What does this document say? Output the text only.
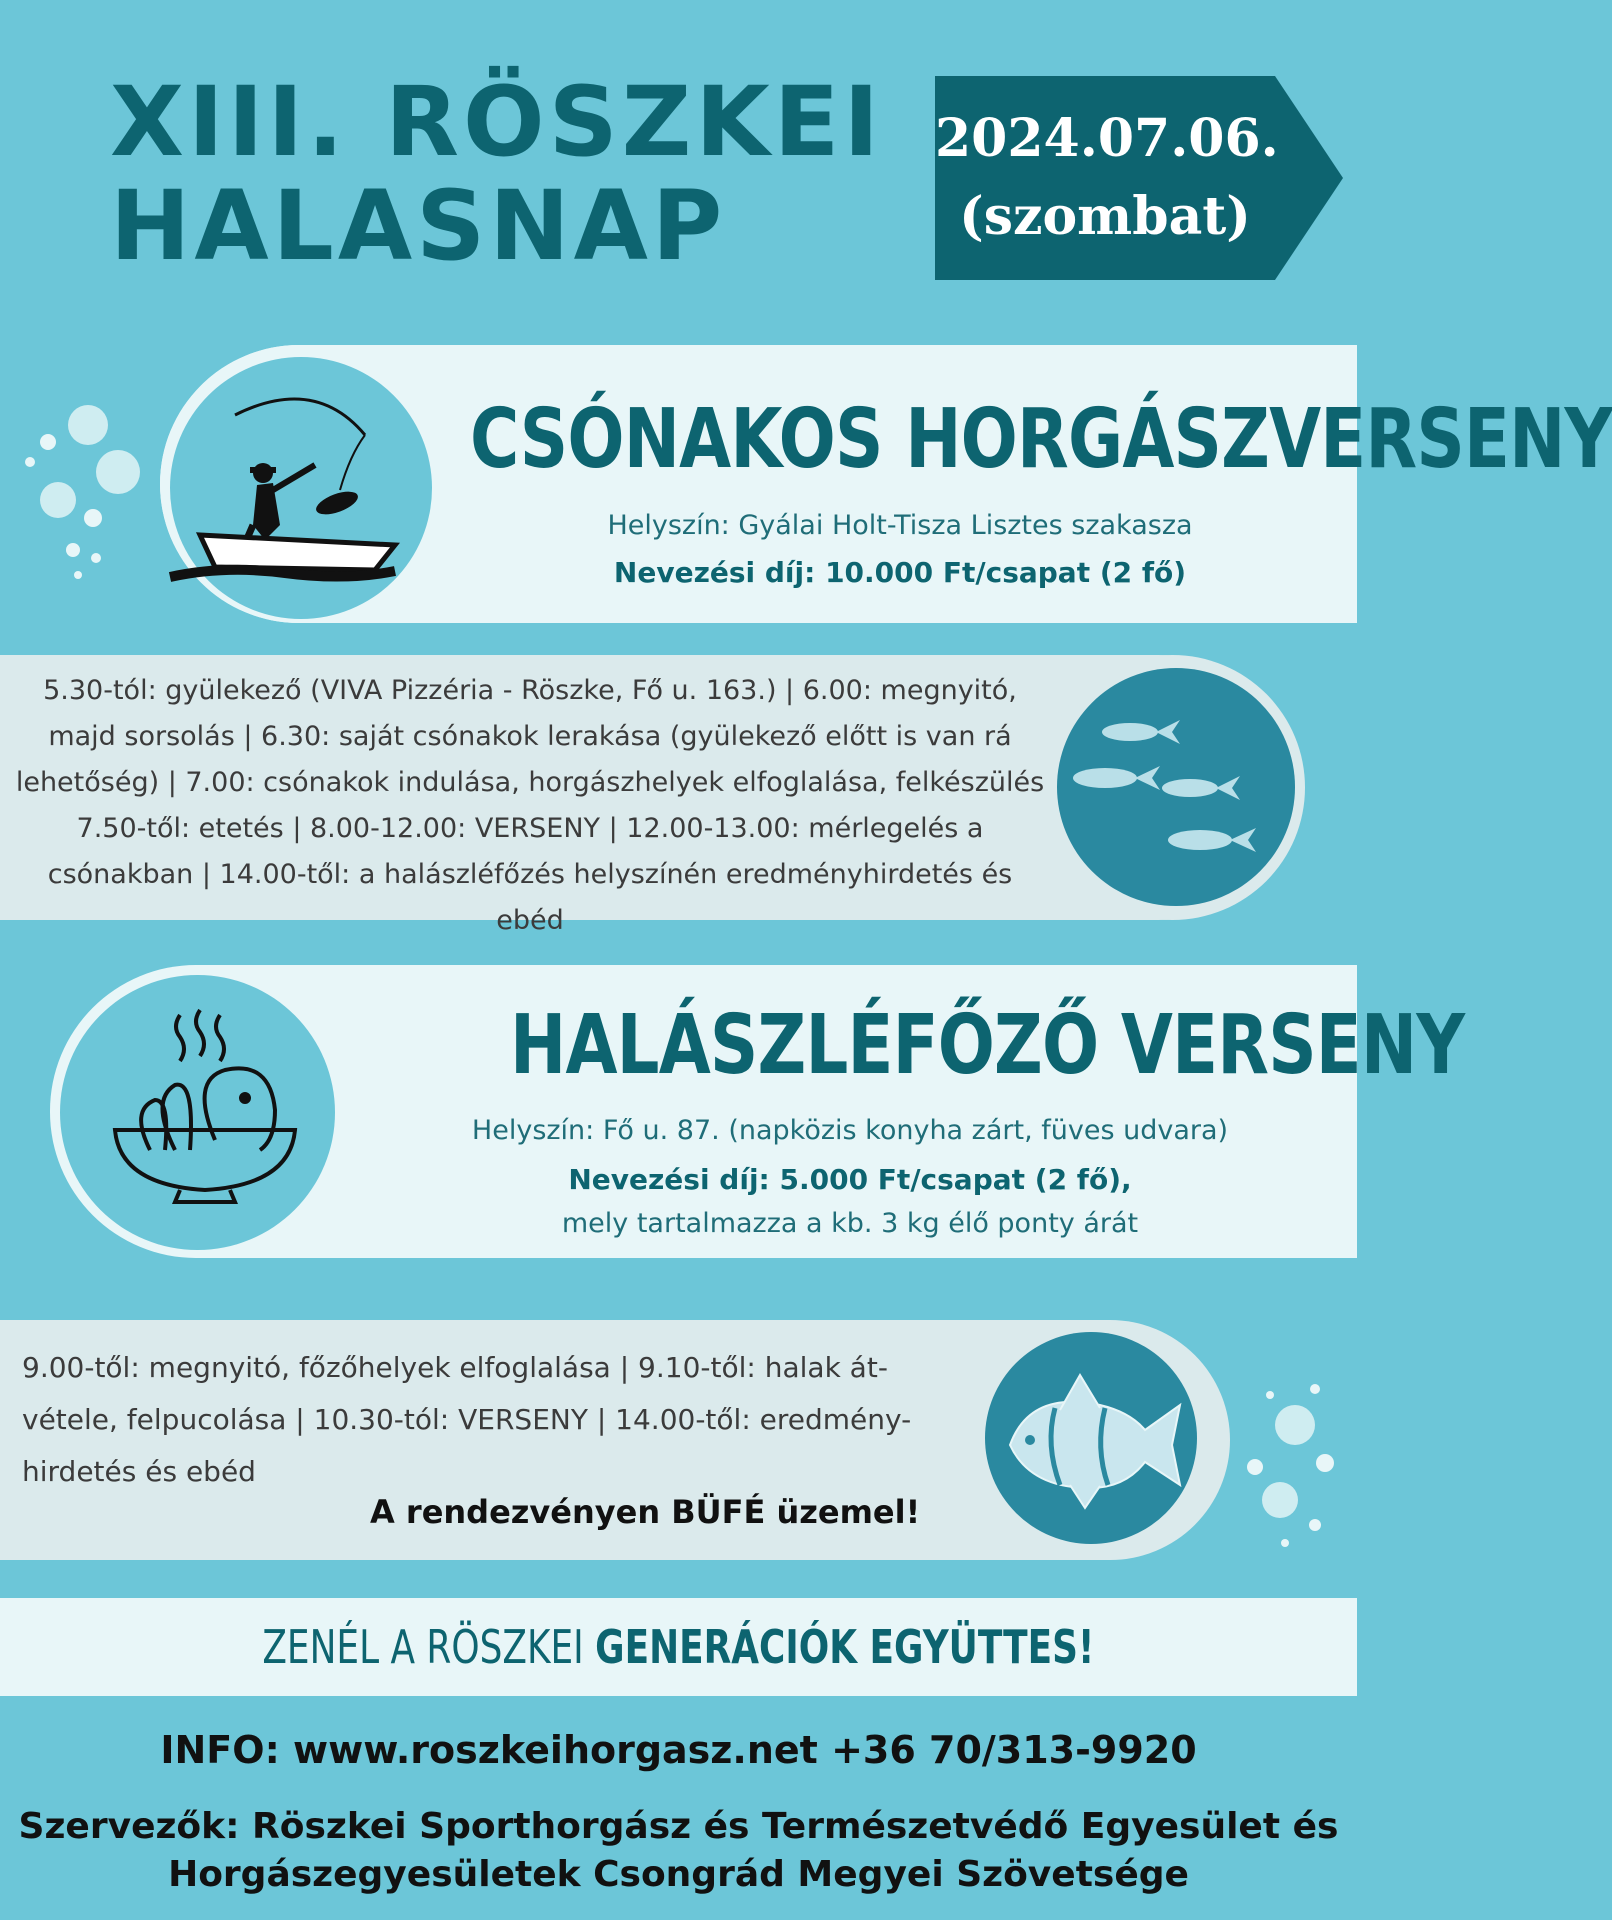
XIII. RÖSZKEI
HALASNAP
2024.07.06.
(szombat)
CSÓNAKOS HORGÁSZVERSENY
Helyszín: Gyálai Holt-Tisza Lisztes szakasza
Nevezési díj: 10.000 Ft/csapat (2 fő)
5.30-tól: gyülekező (VIVA Pizzéria - Röszke, Fő u. 163.) | 6.00: megnyitó,
majd sorsolás | 6.30: saját csónakok lerakása (gyülekező előtt is van rá
lehetőség) | 7.00: csónakok indulása, horgászhelyek elfoglalása, felkészülés
7.50-től: etetés | 8.00-12.00: VERSENY | 12.00-13.00: mérlegelés a
csónakban | 14.00-től: a halászléfőzés helyszínén eredményhirdetés és ebéd
HALÁSZLÉFŐZŐ VERSENY
Helyszín: Fő u. 87. (napközis konyha zárt, füves udvara)
Nevezési díj: 5.000 Ft/csapat (2 fő),
mely tartalmazza a kb. 3 kg élő ponty árát
9.00-től: megnyitó, főzőhelyek elfoglalása | 9.10-től: halak át-
vétele, felpucolása | 10.30-tól: VERSENY | 14.00-től: eredmény-
hirdetés és ebéd
A rendezvényen BÜFÉ üzemel!
ZENÉL A RÖSZKEI GENERÁCIÓK EGYÜTTES!
INFO: www.roszkeihorgasz.net +36 70/313-9920
Szervezők: Röszkei Sporthorgász és Természetvédő Egyesület és
Horgászegyesületek Csongrád Megyei Szövetsége
